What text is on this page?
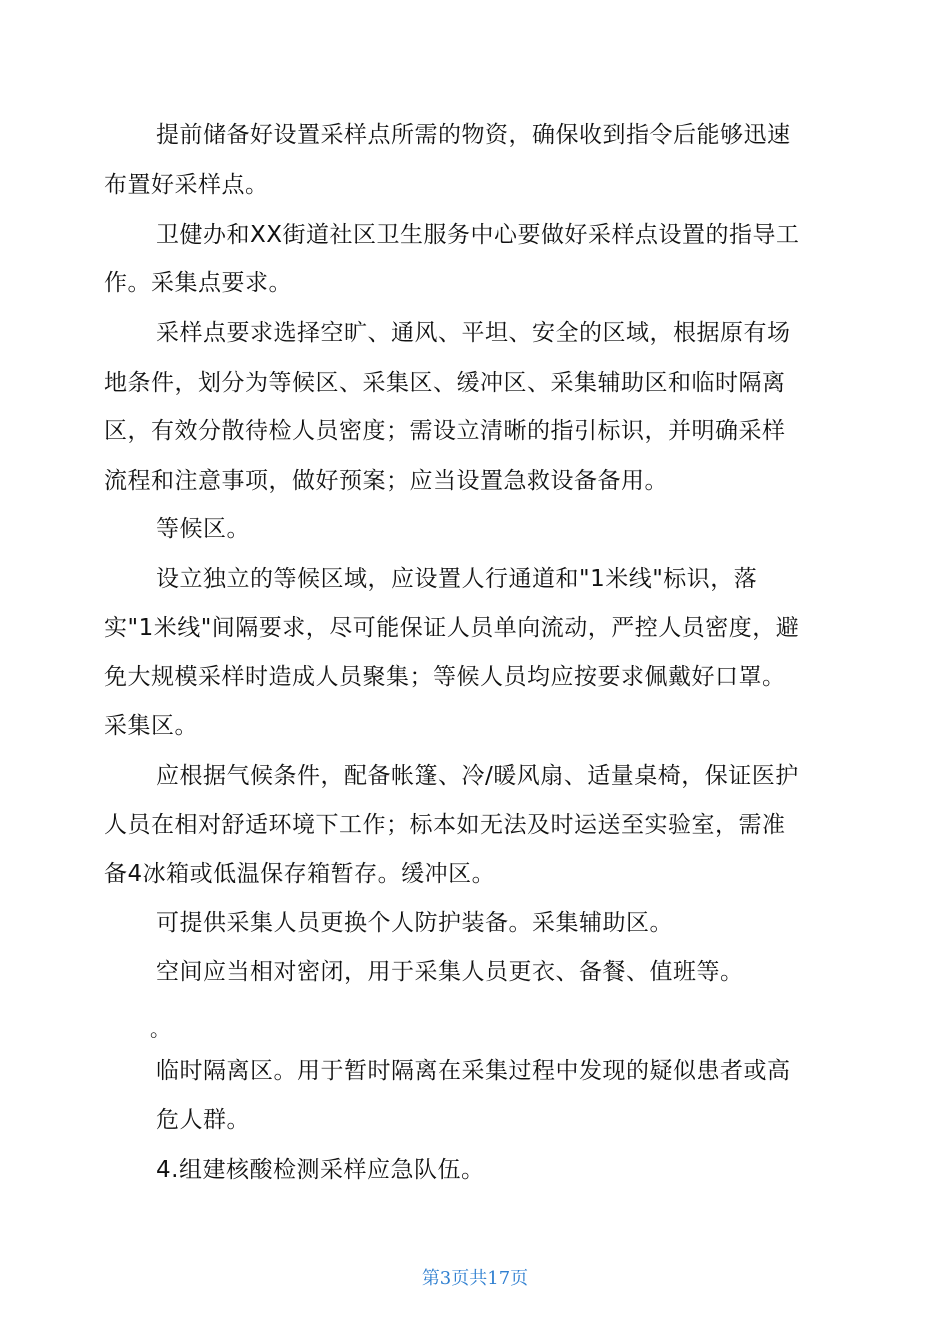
提前储备好设置采样点所需的物资，确保收到指令后能够迅速
布置好采样点。
卫健办和XX街道社区卫生服务中心要做好采样点设置的指导工
作。采集点要求。
采样点要求选择空旷、通风、平坦、安全的区域，根据原有场
地条件，划分为等候区、采集区、缓冲区、采集辅助区和临时隔离
区，有效分散待检人员密度；需设立清晰的指引标识，并明确采样
流程和注意事项，做好预案；应当设置急救设备备用。
等候区。
设立独立的等候区域，应设置人行通道和"1米线"标识，落
实"1米线"间隔要求，尽可能保证人员单向流动，严控人员密度，避
免大规模采样时造成人员聚集；等候人员均应按要求佩戴好口罩。
采集区。
应根据气候条件，配备帐篷、冷/暖风扇、适量桌椅，保证医护
人员在相对舒适环境下工作；标本如无法及时运送至实验室，需准
备4冰箱或低温保存箱暂存。缓冲区。
可提供采集人员更换个人防护装备。采集辅助区。
空间应当相对密闭，用于采集人员更衣、备餐、值班等。
。
临时隔离区。用于暂时隔离在采集过程中发现的疑似患者或高
危人群。
4.组建核酸检测采样应急队伍。
第3页共17页
